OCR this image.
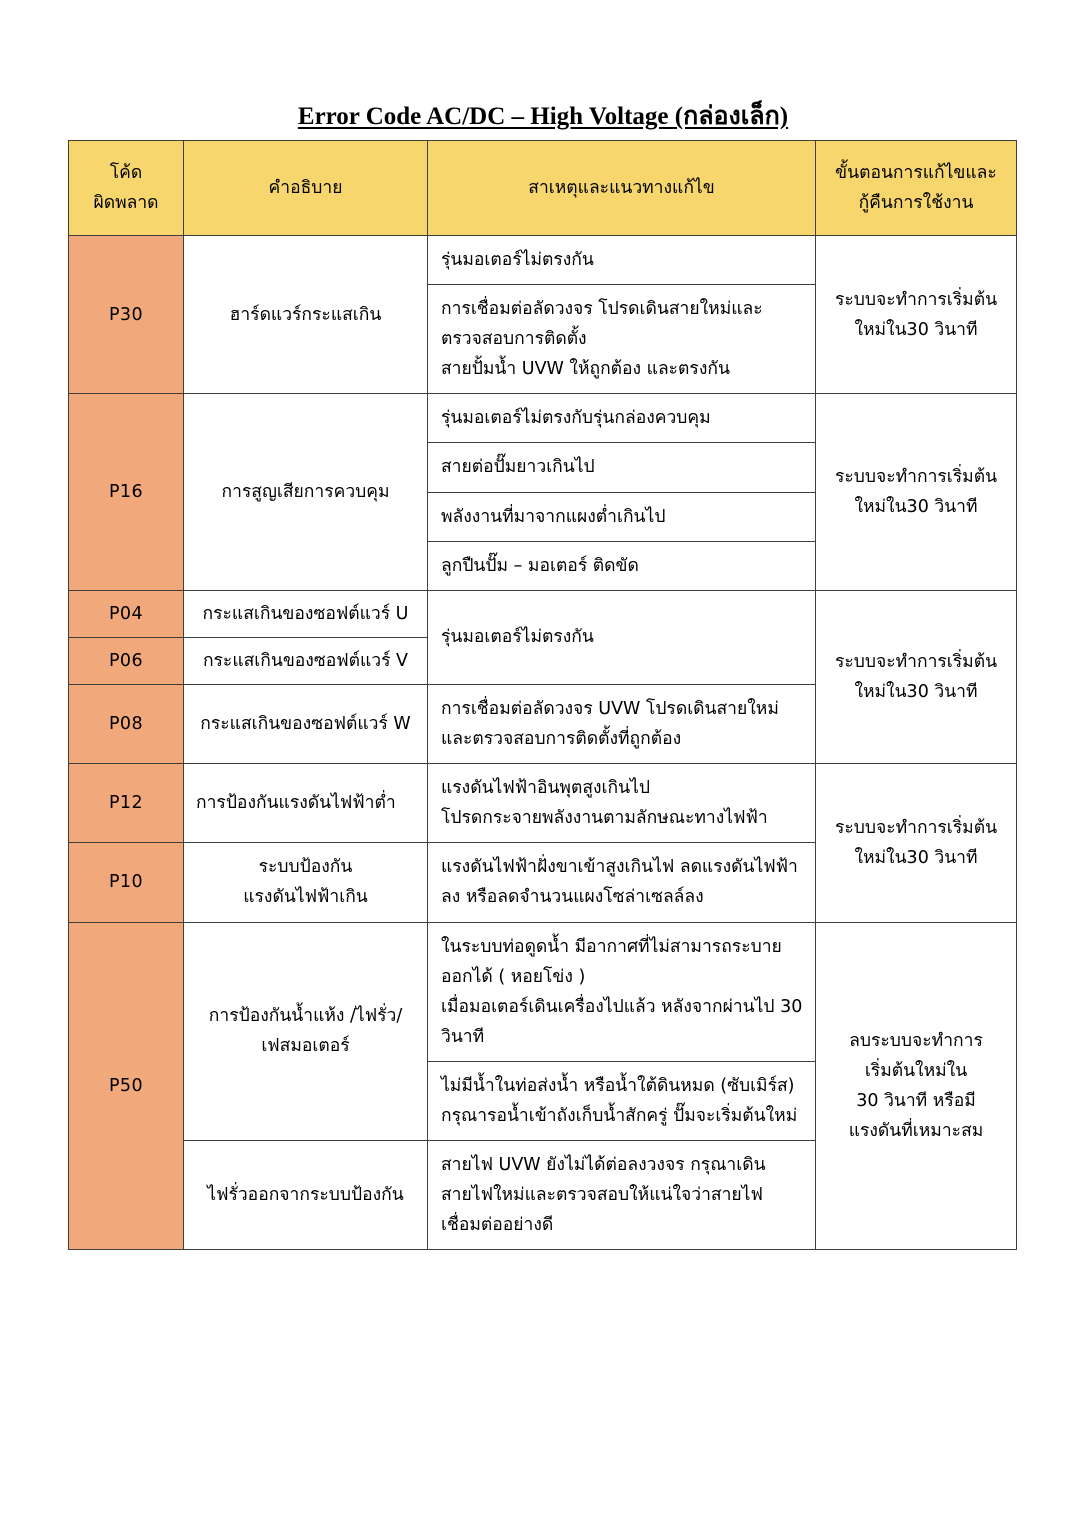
Error Code AC/DC – High Voltage (กล่องเล็ก)
โค้ด
ผิดพลาด	คำอธิบาย	สาเหตุและแนวทางแก้ไข	ขั้นตอนการแก้ไขและ
กู้คืนการใช้งาน

P30	ฮาร์ดแวร์กระแสเกิน	รุ่นมอเตอร์ไม่ตรงกัน	ระบบจะทำการเริ่มต้น
ใหม่ใน30 วินาที

		การเชื่อมต่อลัดวงจร โปรดเดินสายใหม่และ
ตรวจสอบการติดตั้ง
สายปั้มน้ำ UVW ให้ถูกต้อง และตรงกัน	

P16	การสูญเสียการควบคุม	รุ่นมอเตอร์ไม่ตรงกับรุ่นกล่องควบคุม	ระบบจะทำการเริ่มต้น
ใหม่ใน30 วินาที

		สายต่อปั๊มยาวเกินไป	

		พลังงานที่มาจากแผงต่ำเกินไป	

		ลูกปืนปั๊ม – มอเตอร์ ติดขัด	

P04	กระแสเกินของซอฟต์แวร์ U	รุ่นมอเตอร์ไม่ตรงกัน	ระบบจะทำการเริ่มต้น
ใหม่ใน30 วินาที

P06	กระแสเกินของซอฟต์แวร์ V		
P08	กระแสเกินของซอฟต์แวร์ W	การเชื่อมต่อลัดวงจร UVW โปรดเดินสายใหม่
และตรวจสอบการติดตั้งที่ถูกต้อง	

P12	การป้องกันแรงดันไฟฟ้าต่ำ	แรงดันไฟฟ้าอินพุตสูงเกินไป
โปรดกระจายพลังงานตามลักษณะทางไฟฟ้า	ระบบจะทำการเริ่มต้น
ใหม่ใน30 วินาที

P10	ระบบป้องกัน
แรงดันไฟฟ้าเกิน	แรงดันไฟฟ้าฝั่งขาเข้าสูงเกินไฟ ลดแรงดันไฟฟ้า
ลง หรือลดจำนวนแผงโซล่าเซลล์ลง	

P50	การป้องกันน้ำแห้ง /ไฟรั่ว/
เฟสมอเตอร์	ในระบบท่อดูดน้ำ มีอากาศที่ไม่สามารถระบาย
ออกได้ ( หอยโข่ง )
เมื่อมอเตอร์เดินเครื่องไปแล้ว หลังจากผ่านไป 30
วินาที	ลบระบบจะทำการ
เริ่มต้นใหม่ใน
30 วินาที หรือมี
แรงดันที่เหมาะสม

		ไม่มีน้ำในท่อส่งน้ำ หรือน้ำใต้ดินหมด (ซับเมิร์ส)
กรุณารอน้ำเข้าถังเก็บน้ำสักครู่ ปั๊มจะเริ่มต้นใหม่	

	ไฟรั่วออกจากระบบป้องกัน	สายไฟ UVW ยังไม่ได้ต่อลงวงจร กรุณาเดิน
สายไฟใหม่และตรวจสอบให้แน่ใจว่าสายไฟ
เชื่อมต่ออย่างดี	
